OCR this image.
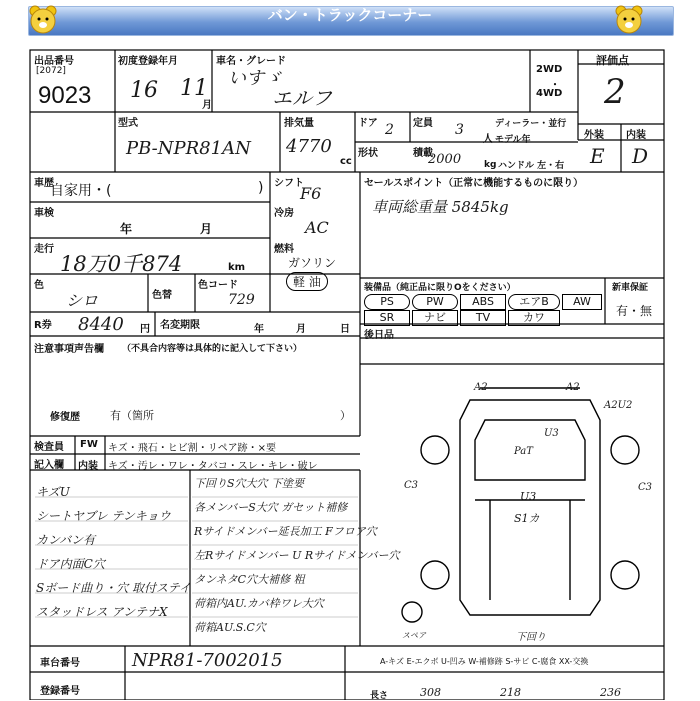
バン・トラックコーナー
出品番号
[2072]
9023
初度登録年月
16 11
月
車名・グレード
いすゞ
エルフ
2WD
・
4WD
評価点
2
型式
PB-NPR81AN
排気量
4770
cc
ドア 2 定員 3
人
ディーラー・並行
モデル年
形状	積載
2000	kg ハンドル 左・右
外装 内装
E D
車歴
自家用・(	) シフト
F6
車検
年	月
冷房
AC
走行
18万0千874	km
燃料
ガソリン
軽 油
色
シロ	色替
色コード
729
R券 8440 円 名変期限	年	月	日
セールスポイント（正常に機能するものに限り）
車両総重量 5845kg
装備品（純正品に限りOをください）	新車保証
有・無
PS	PW	ABS	エアB	AW
SR	ナビ	TV	カワ
後日品
注意事項声告欄 （不具合内容等は具体的に記入して下さい）
修復歴	有（箇所	）
検査員
記入欄
FW キズ・飛石・ヒビ割・リペア跡・×要
内装 キズ・汚レ・ワレ・タバコ・スレ・キレ・破レ
キズU
シートヤブレ テンキョウ
カンバン有
ドア内面C穴
Sボード曲り・穴 取付ステイ
スタッドレス アンテナX
下回りS穴大穴 下塗要
各メンバーS大穴 ガセット補修
Rサイドメンバー延長加工 Fフロア穴
左Rサイドメンバー U Rサイドメンバー穴
タンネタC穴大補修 粗
荷箱内AU.カバ枠ワレ大穴
荷箱AU.S.C穴
A2	A2
A2U2
U3
PaT
C3	C3
U3
S1カ
スペア	下回り
車台番号	NPR81-7002015
登録番号
A-キズ E-エクボ U-凹み W-補修跡 S-サビ C-腐食 XX-交換
長さ	308	218	236
